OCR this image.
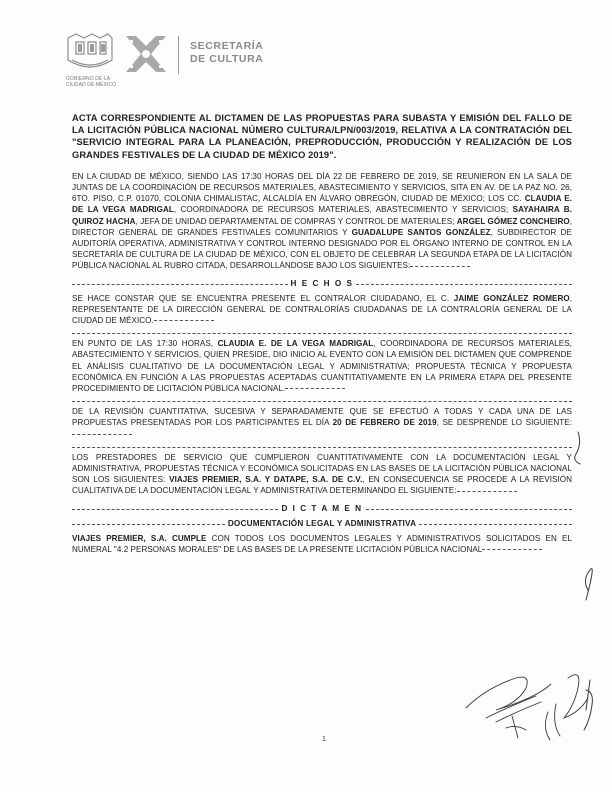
GOBIERNO DE LA
CIUDAD DE MÉXICO
SECRETARÍA
DE CULTURA
ACTA CORRESPONDIENTE AL DICTAMEN DE LAS PROPUESTAS PARA SUBASTA Y EMISIÓN DEL FALLO DE LA LICITACIÓN PÚBLICA NACIONAL NÚMERO CULTURA/LPN/003/2019, RELATIVA A LA CONTRATACIÓN DEL "SERVICIO INTEGRAL PARA LA PLANEACIÓN, PREPRODUCCIÓN, PRODUCCIÓN Y REALIZACIÓN DE LOS GRANDES FESTIVALES DE LA CIUDAD DE MÉXICO 2019".
EN LA CIUDAD DE MÉXICO, SIENDO LAS 17:30 HORAS DEL DÍA 22 DE FEBRERO DE 2019, SE REUNIERON EN LA SALA DE JUNTAS DE LA COORDINACIÓN DE RECURSOS MATERIALES, ABASTECIMIENTO Y SERVICIOS, SITA EN AV. DE LA PAZ NO. 26, 6TO. PISO, C.P. 01070, COLONIA CHIMALISTAC, ALCALDÍA EN ÁLVARO OBREGÓN, CIUDAD DE MÉXICO; LOS CC. CLAUDIA E. DE LA VEGA MADRIGAL, COORDINADORA DE RECURSOS MATERIALES, ABASTECIMIENTO Y SERVICIOS; SAYAHAIRA B. QUIROZ HACHA, JEFA DE UNIDAD DEPARTAMENTAL DE COMPRAS Y CONTROL DE MATERIALES; ARGEL GÓMEZ CONCHEIRO, DIRECTOR GENERAL DE GRANDES FESTIVALES COMUNITARIOS Y GUADALUPE SANTOS GONZÁLEZ, SUBDIRECTOR DE AUDITORÍA OPERATIVA, ADMINISTRATIVA Y CONTROL INTERNO DESIGNADO POR EL ÓRGANO INTERNO DE CONTROL EN LA SECRETARÍA DE CULTURA DE LA CIUDAD DE MÉXICO, CON EL OBJETO DE CELEBRAR LA SEGUNDA ETAPA DE LA LICITACIÓN PÚBLICA NACIONAL AL RUBRO CITADA, DESARROLLÁNDOSE BAJO LOS SIGUIENTES:
H E C H O S
SE HACE CONSTAR QUE SE ENCUENTRA PRESENTE EL CONTRALOR CIUDADANO, EL C. JAIME GONZÁLEZ ROMERO, REPRESENTANTE DE LA DIRECCIÓN GENERAL DE CONTRALORÍAS CIUDADANAS DE LA CONTRALORÍA GENERAL DE LA CIUDAD DE MÉXICO.
EN PUNTO DE LAS 17:30 HORAS, CLAUDIA E. DE LA VEGA MADRIGAL, COORDINADORA DE RECURSOS MATERIALES, ABASTECIMIENTO Y SERVICIOS, QUIEN PRESIDE, DIO INICIO AL EVENTO CON LA EMISIÓN DEL DICTAMEN QUE COMPRENDE EL ANÁLISIS CUALITATIVO DE LA DOCUMENTACIÓN LEGAL Y ADMINISTRATIVA; PROPUESTA TÉCNICA Y PROPUESTA ECONÓMICA EN FUNCIÓN A LAS PROPUESTAS ACEPTADAS CUANTITATIVAMENTE EN LA PRIMERA ETAPA DEL PRESENTE PROCEDIMIENTO DE LICITACIÓN PÚBLICA NACIONAL.
DE LA REVISIÓN CUANTITATIVA, SUCESIVA Y SEPARADAMENTE QUE SE EFECTUÓ A TODAS Y CADA UNA DE LAS PROPUESTAS PRESENTADAS POR LOS PARTICIPANTES EL DÍA 20 DE FEBRERO DE 2019, SE DESPRENDE LO SIGUIENTE:
LOS PRESTADORES DE SERVICIO QUE CUMPLIERON CUANTITATIVAMENTE CON LA DOCUMENTACIÓN LEGAL Y ADMINISTRATIVA, PROPUESTAS TÉCNICA Y ECONÓMICA SOLICITADAS EN LAS BASES DE LA LICITACIÓN PÚBLICA NACIONAL SON LOS SIGUIENTES: VIAJES PREMIER, S.A. Y DATAPE, S.A. DE C.V., EN CONSECUENCIA SE PROCEDE A LA REVISIÓN CUALITATIVA DE LA DOCUMENTACIÓN LEGAL Y ADMINISTRATIVA DETERMINANDO EL SIGUIENTE:
D I C T A M E N
DOCUMENTACIÓN LEGAL Y ADMINISTRATIVA
VIAJES PREMIER, S.A. CUMPLE CON TODOS LOS DOCUMENTOS LEGALES Y ADMINISTRATIVOS SOLICITADOS EN EL NUMERAL "4.2 PERSONAS MORALES" DE LAS BASES DE LA PRESENTE LICITACIÓN PÚBLICA NACIONAL
1
